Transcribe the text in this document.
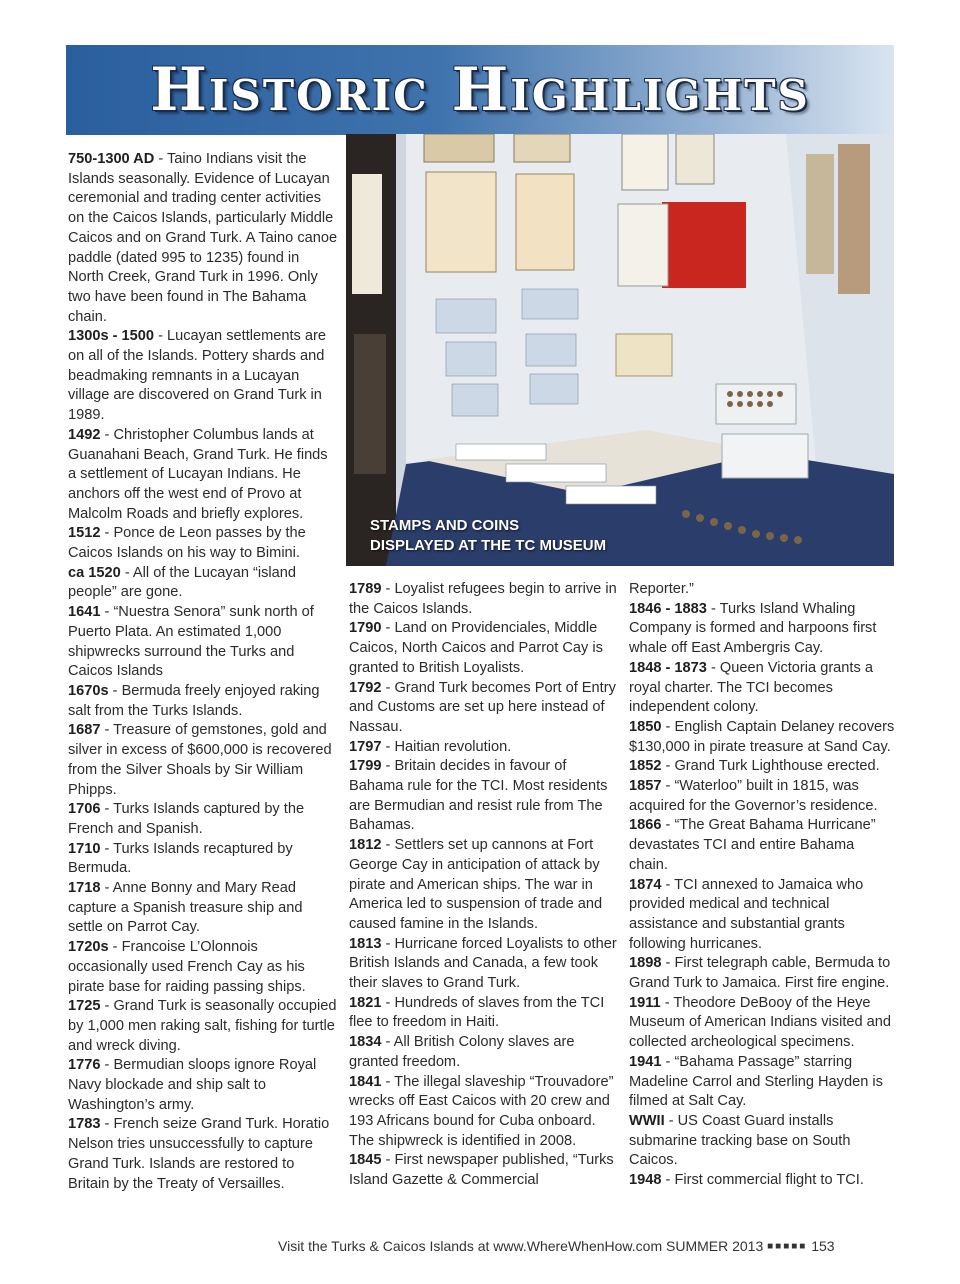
Historic Highlights

750-1300 AD - Taino Indians visit the Islands seasonally. Evidence of Lucayan ceremonial and trading center activities on the Caicos Islands, particularly Middle Caicos and on Grand Turk. A Taino canoe paddle (dated 995 to 1235) found in North Creek, Grand Turk in 1996. Only two have been found in The Bahama chain.

1300s - 1500 - Lucayan settlements are on all of the Islands. Pottery shards and beadmaking remnants in a Lucayan village are discovered on Grand Turk in 1989.

1492 - Christopher Columbus lands at Guanahani Beach, Grand Turk. He finds a settlement of Lucayan Indians. He anchors off the west end of Provo at Malcolm Roads and briefly explores.

1512 - Ponce de Leon passes by the Caicos Islands on his way to Bimini.

ca 1520 - All of the Lucayan “island people” are gone.

1641 - “Nuestra Senora” sunk north of Puerto Plata. An estimated 1,000 shipwrecks surround the Turks and Caicos Islands

1670s - Bermuda freely enjoyed raking salt from the Turks Islands.

1687 - Treasure of gemstones, gold and silver in excess of $600,000 is recovered from the Silver Shoals by Sir William Phipps.

1706 - Turks Islands captured by the French and Spanish.

1710 - Turks Islands recaptured by Bermuda.

1718 - Anne Bonny and Mary Read capture a Spanish treasure ship and settle on Parrot Cay.

1720s - Francoise L’Olonnois occasionally used French Cay as his pirate base for raiding passing ships.

1725 - Grand Turk is seasonally occupied by 1,000 men raking salt, fishing for turtle and wreck diving.

1776 - Bermudian sloops ignore Royal Navy blockade and ship salt to Washington’s army.

1783 - French seize Grand Turk. Horatio Nelson tries unsuccessfully to capture Grand Turk. Islands are restored to Britain by the Treaty of Versailles.

STAMPS AND COINS
DISPLAYED AT THE TC MUSEUM

1789 - Loyalist refugees begin to arrive in the Caicos Islands.

1790 - Land on Providenciales, Middle Caicos, North Caicos and Parrot Cay is granted to British Loyalists.

1792 - Grand Turk becomes Port of Entry and Customs are set up here instead of Nassau.

1797 - Haitian revolution.

1799 - Britain decides in favour of Bahama rule for the TCI. Most residents are Bermudian and resist rule from The Bahamas.

1812 - Settlers set up cannons at Fort George Cay in anticipation of attack by pirate and American ships. The war in America led to suspension of trade and caused famine in the Islands.

1813 - Hurricane forced Loyalists to other British Islands and Canada, a few took their slaves to Grand Turk.

1821 - Hundreds of slaves from the TCI flee to freedom in Haiti.

1834 - All British Colony slaves are granted freedom.

1841 - The illegal slaveship “Trouvadore” wrecks off East Caicos with 20 crew and 193 Africans bound for Cuba onboard. The shipwreck is identified in 2008.

1845 - First newspaper published, “Turks Island Gazette & Commercial

Reporter.”

1846 - 1883 - Turks Island Whaling Company is formed and harpoons first whale off East Ambergris Cay.

1848 - 1873 - Queen Victoria grants a royal charter. The TCI becomes independent colony.

1850 - English Captain Delaney recovers $130,000 in pirate treasure at Sand Cay.

1852 - Grand Turk Lighthouse erected.

1857 - “Waterloo” built in 1815, was acquired for the Governor’s residence.

1866 - “The Great Bahama Hurricane” devastates TCI and entire Bahama chain.

1874 - TCI annexed to Jamaica who provided medical and technical assistance and substantial grants following hurricanes.

1898 - First telegraph cable, Bermuda to Grand Turk to Jamaica. First fire engine.

1911 - Theodore DeBooy of the Heye Museum of American Indians visited and collected archeological specimens.

1941 - “Bahama Passage” starring Madeline Carrol and Sterling Hayden is filmed at Salt Cay.

WWII - US Coast Guard installs submarine tracking base on South Caicos.

1948 - First commercial flight to TCI.

Visit the Turks & Caicos Islands at www.WhereWhenHow.com SUMMER 2013 ■■■■■ 153
